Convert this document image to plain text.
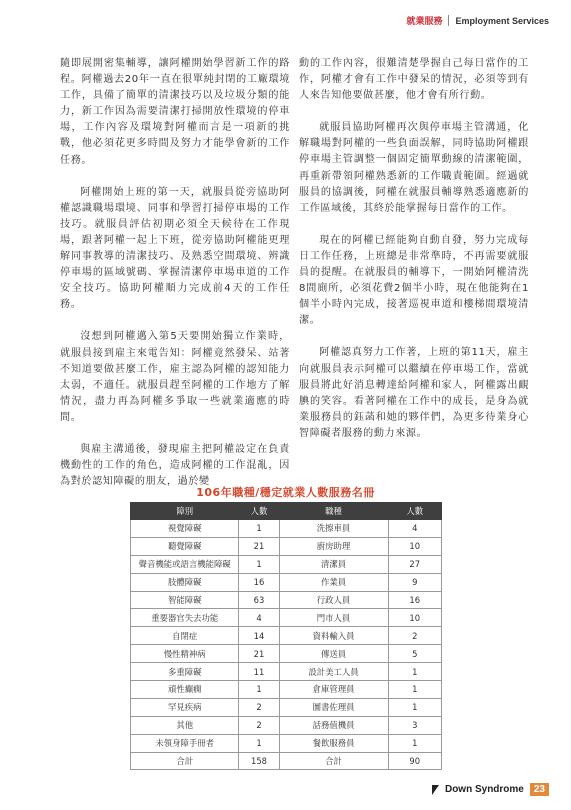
就業服務 Employment Services

隨即展開密集輔導，讓阿權開始學習新工作的路程。阿權過去20年一直在很單純封閉的工廠環境工作，具備了簡單的清潔技巧以及垃圾分類的能力，新工作因為需要清潔打掃開放性環境的停車場，工作內容及環境對阿權而言是一項新的挑戰，他必須花更多時間及努力才能學會新的工作任務。

阿權開始上班的第一天，就服員從旁協助阿權認識職場環境、同事和學習打掃停車場的工作技巧。就服員評估初期必須全天候待在工作現場，跟著阿權一起上下班，從旁協助阿權能更理解同事教導的清潔技巧、及熟悉空間環境、辨識停車場的區域號碼、掌握清潔停車場車道的工作安全技巧。協助阿權順力完成前4天的工作任務。

沒想到阿權邁入第5天要開始獨立作業時，就服員接到雇主來電告知：阿權竟然發呆、站著不知道要做甚麼工作，雇主認為阿權的認知能力太弱，不適任。就服員趕至阿權的工作地方了解情況，盡力再為阿權多爭取一些就業適應的時間。

與雇主溝通後，發現雇主把阿權設定在負責機動性的工作的角色，造成阿權的工作混亂，因為對於認知障礙的朋友，過於變

動的工作內容，很難清楚學握自己每日當作的工作，阿權才會有工作中發呆的情況，必須等到有人來告知他要做甚麼，他才會有所行動。

就服員協助阿權再次與停車場主管溝通，化解職場對阿權的一些負面誤解，同時協助阿權跟停車場主管調整一個固定簡單動線的清潔範圍，再重新帶領阿權熟悉新的工作職責範圍。經過就服員的協調後，阿權在就服員輔導熟悉適應新的工作區域後，其終於能掌握每日當作的工作。

現在的阿權已經能夠自動自發，努力完成每日工作任務，上班總是非常準時，不再需要就服員的提醒。在就服員的輔導下，一開始阿權清洗8間廁所，必須花費2個半小時，現在他能夠在1個半小時內完成，接著巡視車道和樓梯間環境清潔。

阿權認真努力工作著，上班的第11天，雇主向就服員表示阿權可以繼續在停車場工作，當就服員將此好消息轉達給阿權和家人，阿權露出靦腆的笑容。看著阿權在工作中的成長，是身為就業服務員的鈺菡和她的夥伴們，為更多待業身心智障礙者服務的動力來源。

106年職種/穩定就業人數服務名冊
障別	人數	職種	人數
視覺障礙	1	洗擦車員	4
聽覺障礙	21	廚房助理	10
聲音機能或語言機能障礙	1	清潔員	27
肢體障礙	16	作業員	9
智能障礙	63	行政人員	16
重要器官失去功能	4	門市人員	10
自閉症	14	資料輸入員	2
慢性精神病	21	傳送員	5
多重障礙	11	設計美工人員	1
頑性癲癇	1	倉庫管理員	1
罕見疾病	2	圖書佐理員	1
其他	2	話務值機員	3
未領身障手冊者	1	餐飲服務員	1
合計	158	合計	90
Down Syndrome	23
